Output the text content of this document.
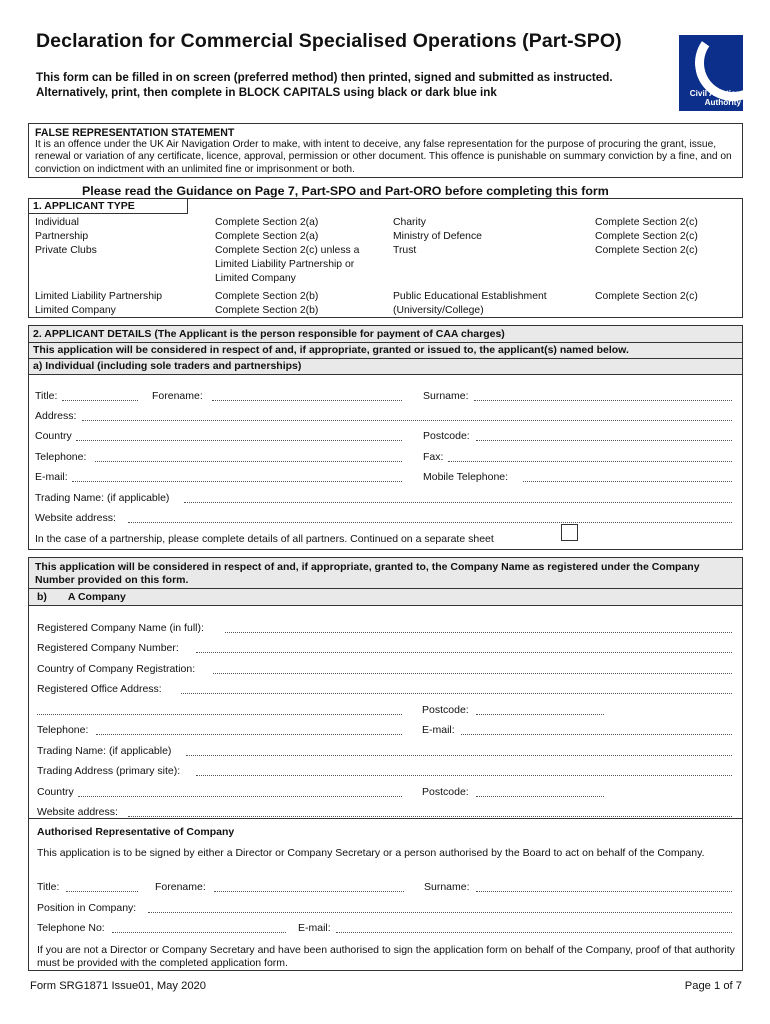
Declaration for Commercial Specialised Operations (Part-SPO)
This form can be filled in on screen (preferred method) then printed, signed and submitted as instructed. Alternatively, print, then complete in BLOCK CAPITALS using black or dark blue ink	Civil Aviation
Authority
FALSE REPRESENTATION STATEMENT
It is an offence under the UK Air Navigation Order to make, with intent to deceive, any false representation for the purpose of procuring the grant, issue, renewal or variation of any certificate, licence, approval, permission or other document. This offence is punishable on summary conviction by a fine, and on conviction on indictment with an unlimited fine or imprisonment or both.
Please read the Guidance on Page 7, Part-SPO and Part-ORO before completing this form
1. APPLICANT TYPE
Individual	Complete Section 2(a)	Charity	Complete Section 2(c)
Partnership	Complete Section 2(a)	Ministry of Defence	Complete Section 2(c)
Private Clubs	Complete Section 2(c) unless a Limited Liability Partnership or Limited Company	Trust	Complete Section 2(c)
Limited Liability Partnership	Complete Section 2(b)	Public Educational Establishment	Complete Section 2(c)
Limited Company	Complete Section 2(b)	(University/College)	
2. APPLICANT DETAILS (The Applicant is the person responsible for payment of CAA charges)
This application will be considered in respect of and, if appropriate, granted or issued to, the applicant(s) named below.
a) Individual (including sole traders and partnerships)
Title:	Forename:	Surname:
Address:
Country	Postcode:
Telephone:	Fax:
E-mail:	Mobile Telephone:
Trading Name: (if applicable)
Website address:
In the case of a partnership, please complete details of all partners. Continued on a separate sheet
This application will be considered in respect of and, if appropriate, granted to, the Company Name as registered under the Company Number provided on this form.
b) A Company
Registered Company Name (in full):
Registered Company Number:
Country of Company Registration:
Registered Office Address:
Postcode:
Telephone:	E-mail:
Trading Name: (if applicable)
Trading Address (primary site):
Country	Postcode:
Website address:
Authorised Representative of Company
This application is to be signed by either a Director or Company Secretary or a person authorised by the Board to act on behalf of the Company.
Title:	Forename:	Surname:
Position in Company:
Telephone No:	E-mail:
If you are not a Director or Company Secretary and have been authorised to sign the application form on behalf of the Company, proof of that authority must be provided with the completed application form.
Form SRG1871 Issue01, May 2020	Page 1 of 7
